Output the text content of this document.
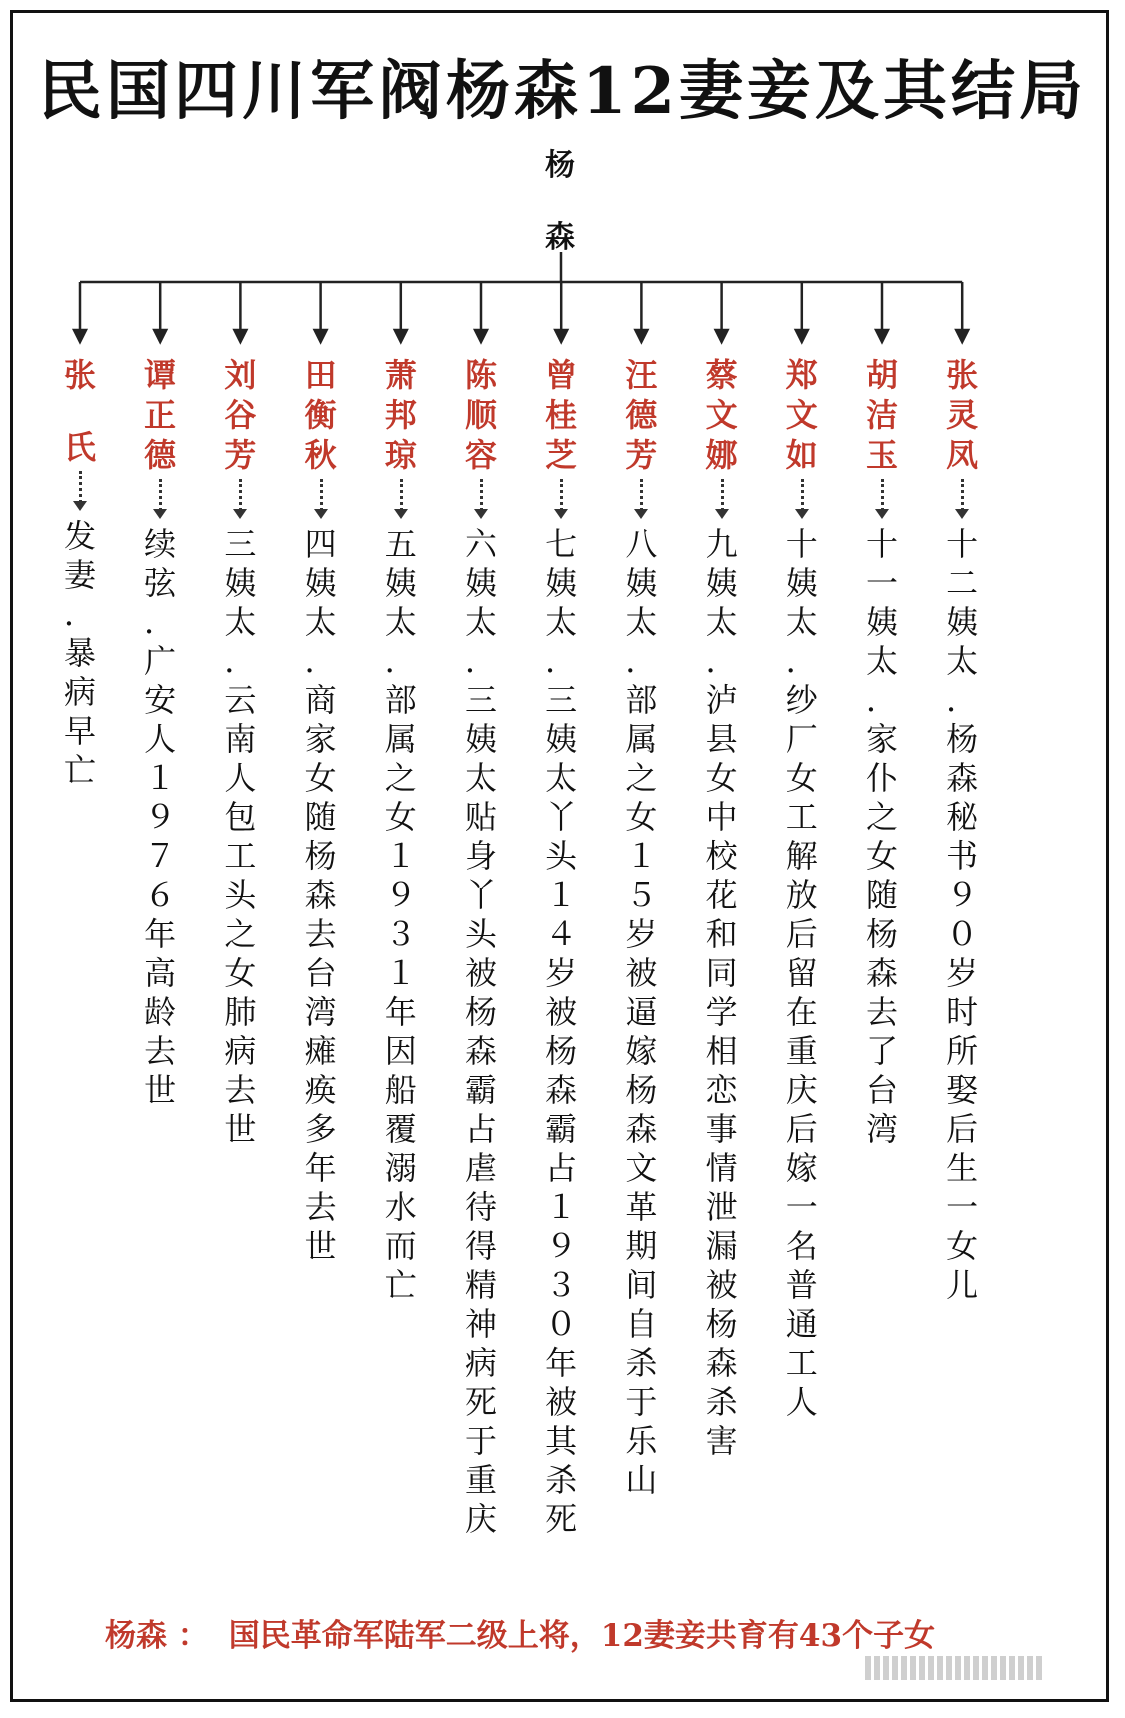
民国四川军阀杨森12妻妾及其结局
杨
森
张
氏
发
妻
．
暴
病
早
亡
谭
正
德
续
弦
．
广
安
人
１
９
７
６
年
高
龄
去
世
刘
谷
芳
三
姨
太
．
云
南
人
包
工
头
之
女
肺
病
去
世
田
衡
秋
四
姨
太
．
商
家
女
随
杨
森
去
台
湾
瘫
痪
多
年
去
世
萧
邦
琼
五
姨
太
．
部
属
之
女
１
９
３
１
年
因
船
覆
溺
水
而
亡
陈
顺
容
六
姨
太
．
三
姨
太
贴
身
丫
头
被
杨
森
霸
占
虐
待
得
精
神
病
死
于
重
庆
曾
桂
芝
七
姨
太
．
三
姨
太
丫
头
１
４
岁
被
杨
森
霸
占
１
９
３
０
年
被
其
杀
死
汪
德
芳
八
姨
太
．
部
属
之
女
１
５
岁
被
逼
嫁
杨
森
文
革
期
间
自
杀
于
乐
山
蔡
文
娜
九
姨
太
．
泸
县
女
中
校
花
和
同
学
相
恋
事
情
泄
漏
被
杨
森
杀
害
郑
文
如
十
姨
太
．
纱
厂
女
工
解
放
后
留
在
重
庆
后
嫁
一
名
普
通
工
人
胡
洁
玉
十
一
姨
太
．
家
仆
之
女
随
杨
森
去
了
台
湾
张
灵
凤
十
二
姨
太
．
杨
森
秘
书
９
０
岁
时
所
娶
后
生
一
女
儿
杨森 ： 国民革命军陆军二级上将，12妻妾共育有43个子女
